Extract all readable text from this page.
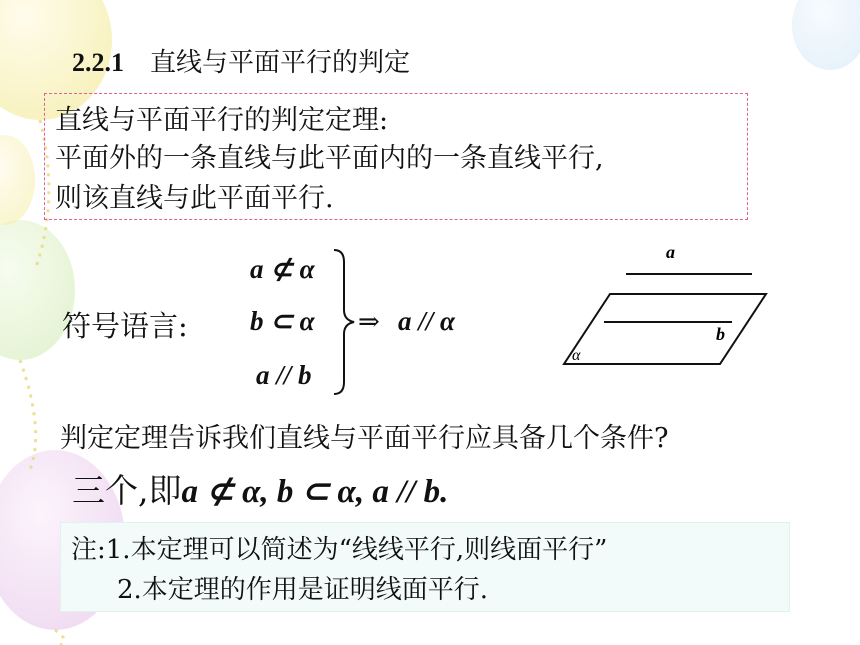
2.2.1 直线与平面平行的判定
直线与平面平行的判定定理:
平面外的一条直线与此平面内的一条直线平行,
则该直线与此平面平行.
符号语言:
a ⊄ α
b ⊂ α
a // b
⇒ a // α
a
b
α
判定定理告诉我们直线与平面平行应具备几个条件?
三个,即a ⊄ α, b ⊂ α, a // b.
注:1.本定理可以简述为“线线平行,则线面平行”
2.本定理的作用是证明线面平行.
